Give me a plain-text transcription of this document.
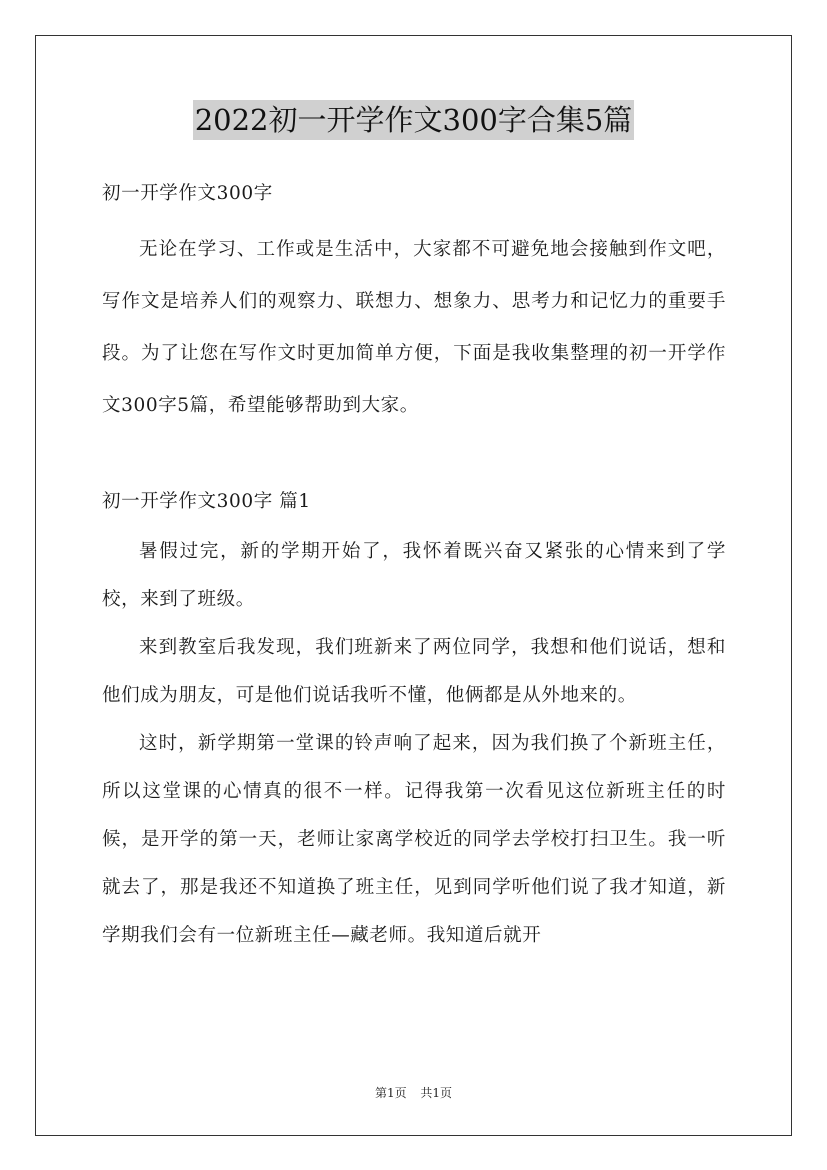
2022初一开学作文300字合集5篇

初一开学作文300字

无论在学习、工作或是生活中，大家都不可避免地会接触到作文吧，写作文是培养人们的观察力、联想力、想象力、思考力和记忆力的重要手段。为了让您在写作文时更加简单方便，下面是我收集整理的初一开学作文300字5篇，希望能够帮助到大家。

初一开学作文300字 篇1

暑假过完，新的学期开始了，我怀着既兴奋又紧张的心情来到了学校，来到了班级。

来到教室后我发现，我们班新来了两位同学，我想和他们说话，想和他们成为朋友，可是他们说话我听不懂，他俩都是从外地来的。

这时，新学期第一堂课的铃声响了起来，因为我们换了个新班主任，所以这堂课的心情真的很不一样。记得我第一次看见这位新班主任的时候，是开学的第一天，老师让家离学校近的同学去学校打扫卫生。我一听就去了，那是我还不知道换了班主任，见到同学听他们说了我才知道，新学期我们会有一位新班主任—藏老师。我知道后就开

第1页 共1页
